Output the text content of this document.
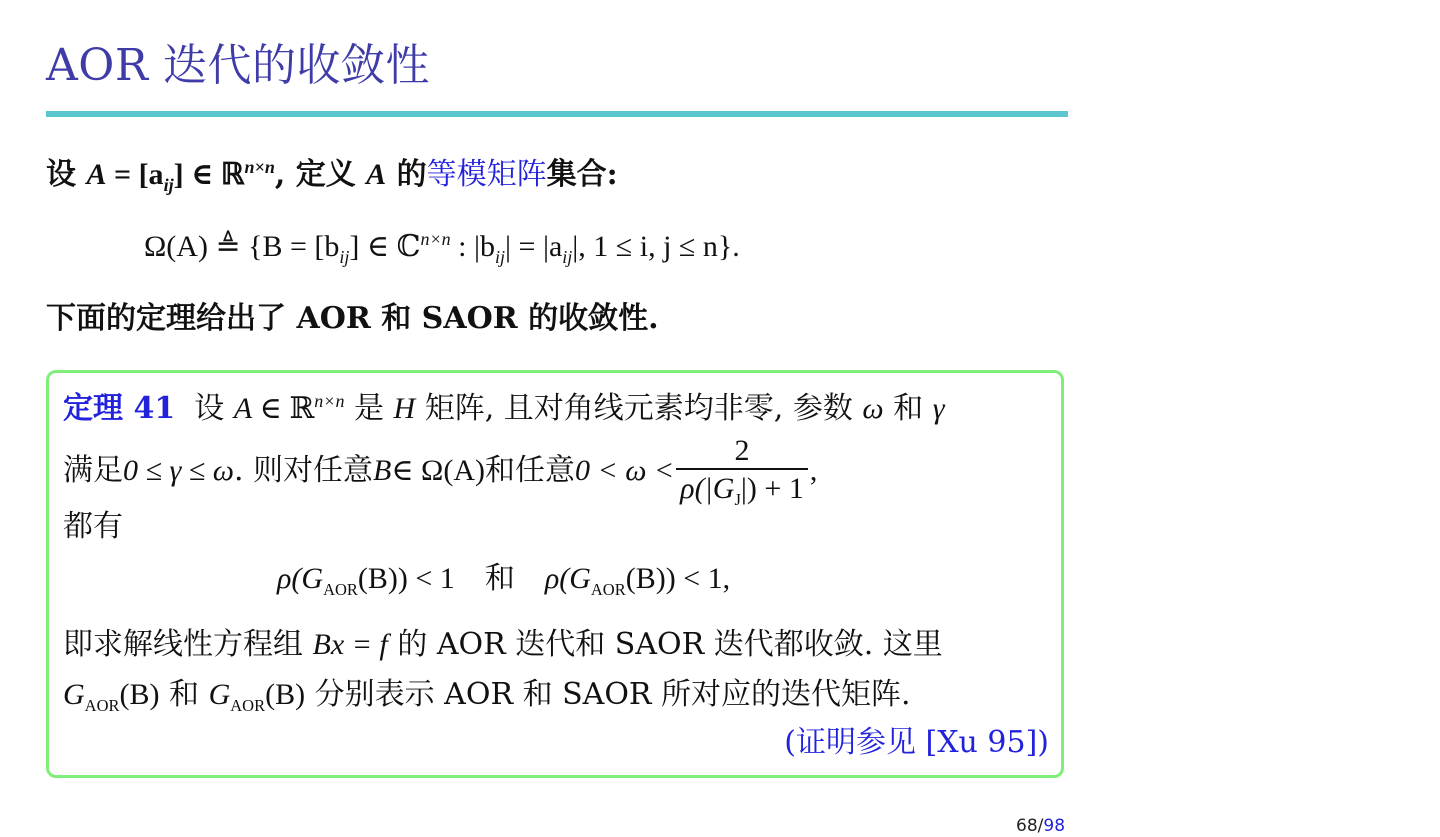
AOR 迭代的收敛性
设 $A = [a_{ij}]$ ∈ ℝ$^{n\times n}$, 定义 A 的等模矩阵集合:
Ω(A) ≜ {$B = [b_{ij}]$ ∈ ℂ$^{n\times n}$ : $|b_{ij}| = |a_{ij}|$, 1 ≤ i, j ≤ n}.
下面的定理给出了 AOR 和 SAOR 的收敛性.
定理 41 设 A ∈ ℝ$^{n\times n}$ 是 H 矩阵, 且对角线元素均非零, 参数 ω 和 γ
满足 0 ≤ γ ≤ ω . 则对任意 B ∈ Ω(A) 和任意 $0 < \omega < \frac{2}{\rho(|G_J|) + 1}$ ,
都有
$\rho(G_{AOR}(B)) < 1$ 和 $\rho(G_{AOR}(B)) < 1$,
即求解线性方程组 Bx = f 的 AOR 迭代和 SAOR 迭代都收敛. 这里
$G_{AOR}(B)$ 和 $G_{AOR}(B)$ 分别表示 AOR 和 SAOR 所对应的迭代矩阵.
(证明参见 [Xu 95])
68/98
